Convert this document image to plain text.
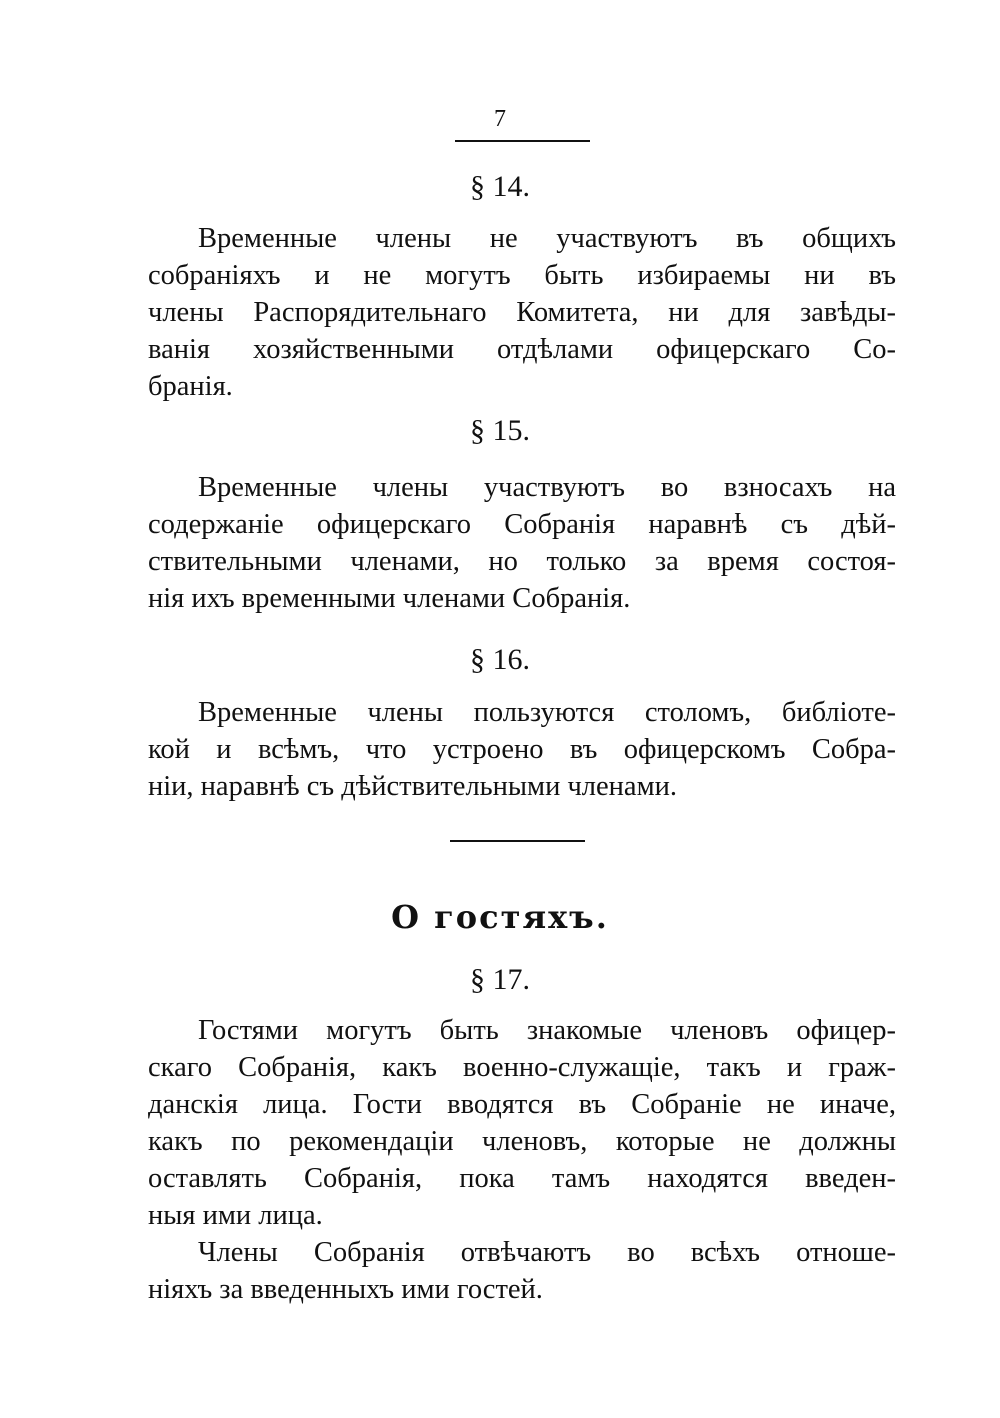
7
§ 14.
Временные члены не участвуютъ въ общихъ
собраніяхъ и не могутъ быть избираемы ни въ
члены Распорядительнаго Комитета, ни для завѣды-
ванія хозяйственными отдѣлами офицерскаго Со-
бранія.
§ 15.
Временные члены участвуютъ во взносахъ на
содержаніе офицерскаго Собранія наравнѣ съ дѣй-
ствительными членами, но только за время состоя-
нія ихъ временными членами Собранія.
§ 16.
Временные члены пользуются столомъ, библіоте-
кой и всѣмъ, что устроено въ офицерскомъ Собра-
ніи, наравнѣ съ дѣйствительными членами.
О гостяхъ.
§ 17.
Гостями могутъ быть знакомые членовъ офицер-
скаго Собранія, какъ военно-служащіе, такъ и граж-
данскія лица. Гости вводятся въ Собраніе не иначе,
какъ по рекомендаціи членовъ, которые не должны
оставлять Собранія, пока тамъ находятся введен-
ныя ими лица.
Члены Собранія отвѣчаютъ во всѣхъ отноше-
ніяхъ за введенныхъ ими гостей.
